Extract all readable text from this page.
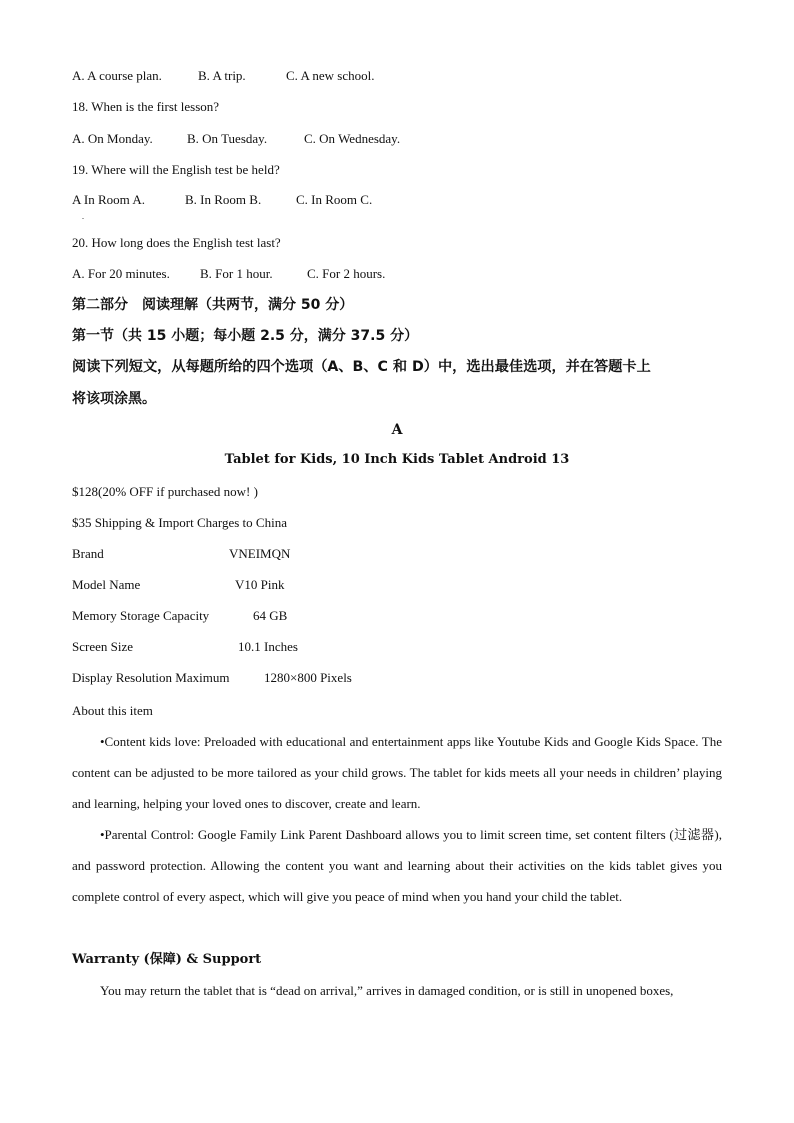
A. A course plan.	B. A trip.	C. A new school.
18. When is the first lesson?
A. On Monday.	B. On Tuesday.	C. On Wednesday.
19. Where will the English test be held?
A In Room A.	B. In Room B.	C. In Room C.
.
20. How long does the English test last?
A. For 20 minutes. B. For 1 hour.	C. For 2 hours.
第二部分　阅读理解（共两节，满分 50 分）
第一节（共 15 小题；每小题 2.5 分，满分 37.5 分）
阅读下列短文，从每题所给的四个选项（A、B、C 和 D）中，选出最佳选项，并在答题卡上
将该项涂黑。
A
Tablet for Kids, 10 Inch Kids Tablet Android 13
$128(20% OFF if purchased now! )
$35 Shipping & Import Charges to China
Brand	VNEIMQN
Model Name	V10 Pink
Memory Storage Capacity	64 GB
Screen Size	10.1 Inches
Display Resolution Maximum	1280×800 Pixels
About this item
•Content kids love: Preloaded with educational and entertainment apps like Youtube Kids and Google Kids Space. The content can be adjusted to be more tailored as your child grows. The tablet for kids meets all your needs in children’ playing and learning, helping your loved ones to discover, create and learn.
•Parental Control: Google Family Link Parent Dashboard allows you to limit screen time, set content filters (过滤器), and password protection. Allowing the content you want and learning about their activities on the kids tablet gives you complete control of every aspect, which will give you peace of mind when you hand your child the tablet.
Warranty (保障) & Support
You may return the tablet that is “dead on arrival,” arrives in damaged condition, or is still in unopened boxes,
